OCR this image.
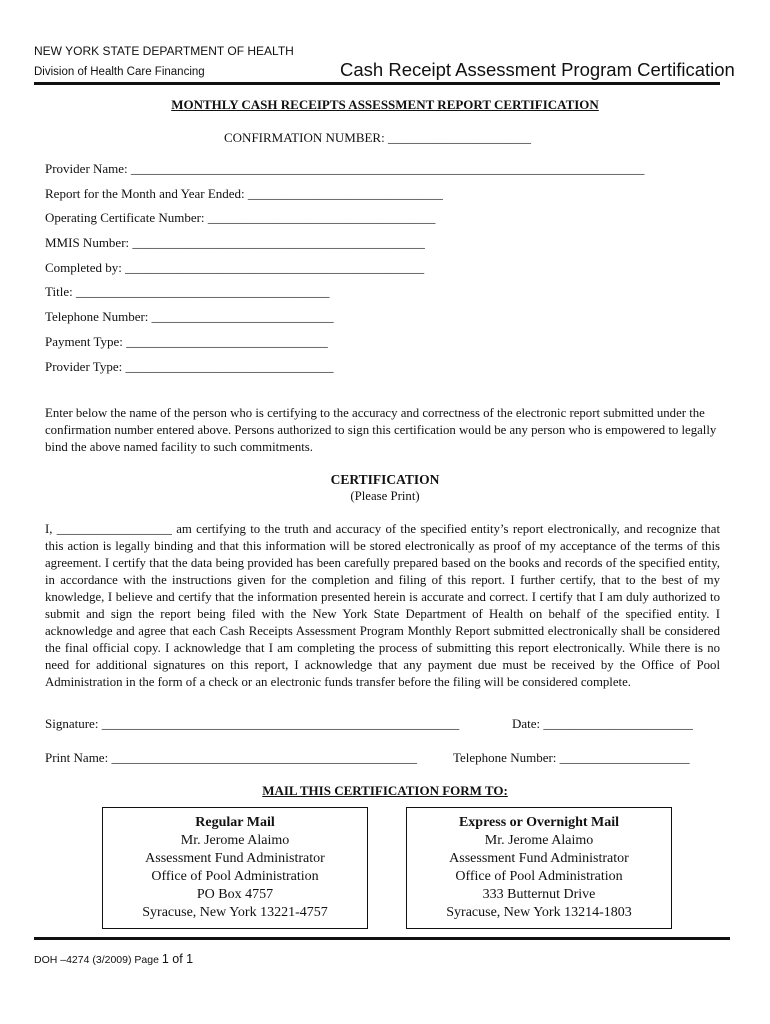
NEW YORK STATE DEPARTMENT OF HEALTH
Division of Health Care Financing	Cash Receipt Assessment Program Certification
MONTHLY CASH RECEIPTS ASSESSMENT REPORT CERTIFICATION
CONFIRMATION NUMBER: ______________________
Provider Name: _______________________________________________________________________________
Report for the Month and Year Ended: ______________________________
Operating Certificate Number: ___________________________________
MMIS Number: _____________________________________________
Completed by: ______________________________________________
Title: _______________________________________
Telephone Number: ____________________________
Payment Type: _______________________________
Provider Type: ________________________________
Enter below the name of the person who is certifying to the accuracy and correctness of the electronic report submitted under the confirmation number entered above. Persons authorized to sign this certification would be any person who is empowered to legally bind the above named facility to such commitments.
CERTIFICATION
(Please Print)
I, __________________ am certifying to the truth and accuracy of the specified entity’s report electronically, and recognize that this action is legally binding and that this information will be stored electronically as proof of my acceptance of the terms of this agreement. I certify that the data being provided has been carefully prepared based on the books and records of the specified entity, in accordance with the instructions given for the completion and filing of this report. I further certify, that to the best of my knowledge, I believe and certify that the information presented herein is accurate and correct. I certify that I am duly authorized to submit and sign the report being filed with the New York State Department of Health on behalf of the specified entity. I acknowledge and agree that each Cash Receipts Assessment Program Monthly Report submitted electronically shall be considered the final official copy. I acknowledge that I am completing the process of submitting this report electronically. While there is no need for additional signatures on this report, I acknowledge that any payment due must be received by the Office of Pool Administration in the form of a check or an electronic funds transfer before the filing will be considered complete.
Signature: _______________________________________________________	Date: _______________________
Print Name: _______________________________________________	Telephone Number: ____________________
MAIL THIS CERTIFICATION FORM TO:
Regular Mail
Mr. Jerome Alaimo
Assessment Fund Administrator
Office of Pool Administration
PO Box 4757
Syracuse, New York 13221-4757
Express or Overnight Mail
Mr. Jerome Alaimo
Assessment Fund Administrator
Office of Pool Administration
333 Butternut Drive
Syracuse, New York 13214-1803
DOH –4274 (3/2009) Page 1 of 1
